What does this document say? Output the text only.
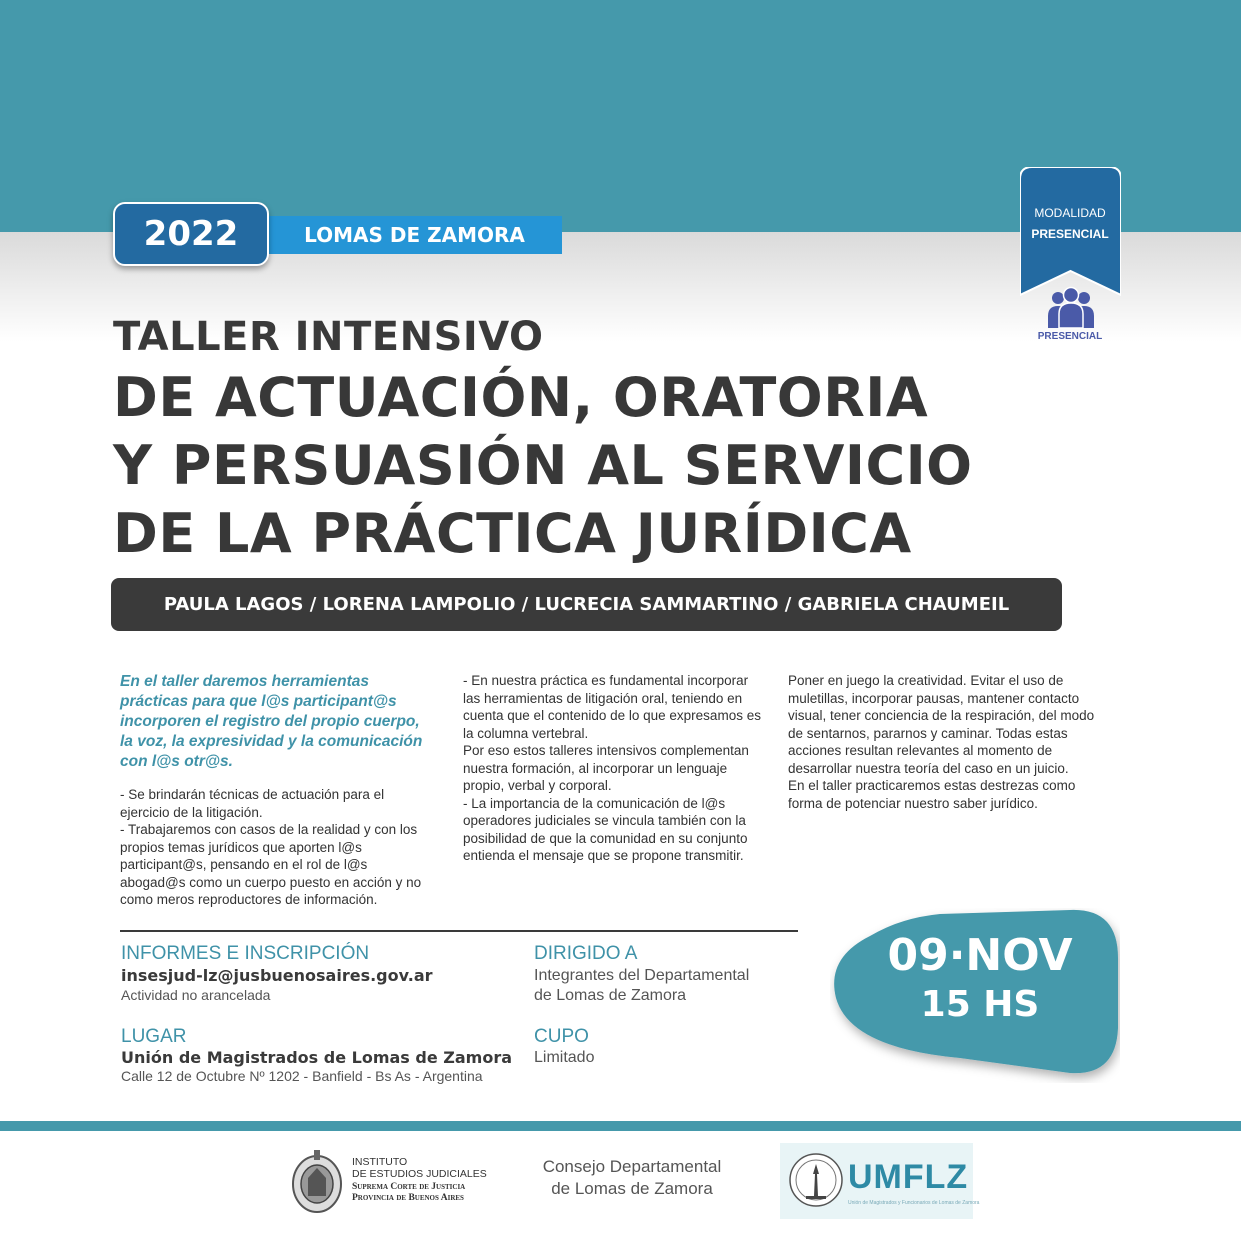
2022	LOMAS DE ZAMORA
MODALIDAD
PRESENCIAL
PRESENCIAL
TALLER INTENSIVO
DE ACTUACIÓN, ORATORIA
Y PERSUASIÓN AL SERVICIO
DE LA PRÁCTICA JURÍDICA
PAULA LAGOS / LORENA LAMPOLIO / LUCRECIA SAMMARTINO / GABRIELA CHAUMEIL
En el taller daremos herramientas prácticas para que l@s participant@s incorporen el registro del propio cuerpo, la voz, la expresividad y la comunicación con l@s otr@s.
- Se brindarán técnicas de actuación para el ejercicio de la litigación.
- Trabajaremos con casos de la realidad y con los propios temas jurídicos que aporten l@s participant@s, pensando en el rol de l@s abogad@s como un cuerpo puesto en acción y no como meros reproductores de información.
- En nuestra práctica es fundamental incorporar las herramientas de litigación oral, teniendo en cuenta que el contenido de lo que expresamos es la columna vertebral.
Por eso estos talleres intensivos complementan nuestra formación, al incorporar un lenguaje propio, verbal y corporal.
- La importancia de la comunicación de l@s operadores judiciales se vincula también con la posibilidad de que la comunidad en su conjunto entienda el mensaje que se propone transmitir.
Poner en juego la creatividad. Evitar el uso de muletillas, incorporar pausas, mantener contacto visual, tener conciencia de la respiración, del modo de sentarnos, pararnos y caminar. Todas estas acciones resultan relevantes al momento de desarrollar nuestra teoría del caso en un juicio.
En el taller practicaremos estas destrezas como forma de potenciar nuestro saber jurídico.
INFORMES E INSCRIPCIÓN
insesjud-lz@jusbuenosaires.gov.ar
Actividad no arancelada
LUGAR
Unión de Magistrados de Lomas de Zamora
Calle 12 de Octubre Nº 1202 - Banfield - Bs As - Argentina
DIRIGIDO A
Integrantes del Departamental
de Lomas de Zamora
CUPO
Limitado
09·NOV
15 HS
INSTITUTO
DE ESTUDIOS JUDICIALES
Suprema Corte de Justicia
Provincia de Buenos Aires
Consejo Departamental
de Lomas de Zamora	UMFLZ
Unión de Magistrados y Funcionarios de Lomas de Zamora
